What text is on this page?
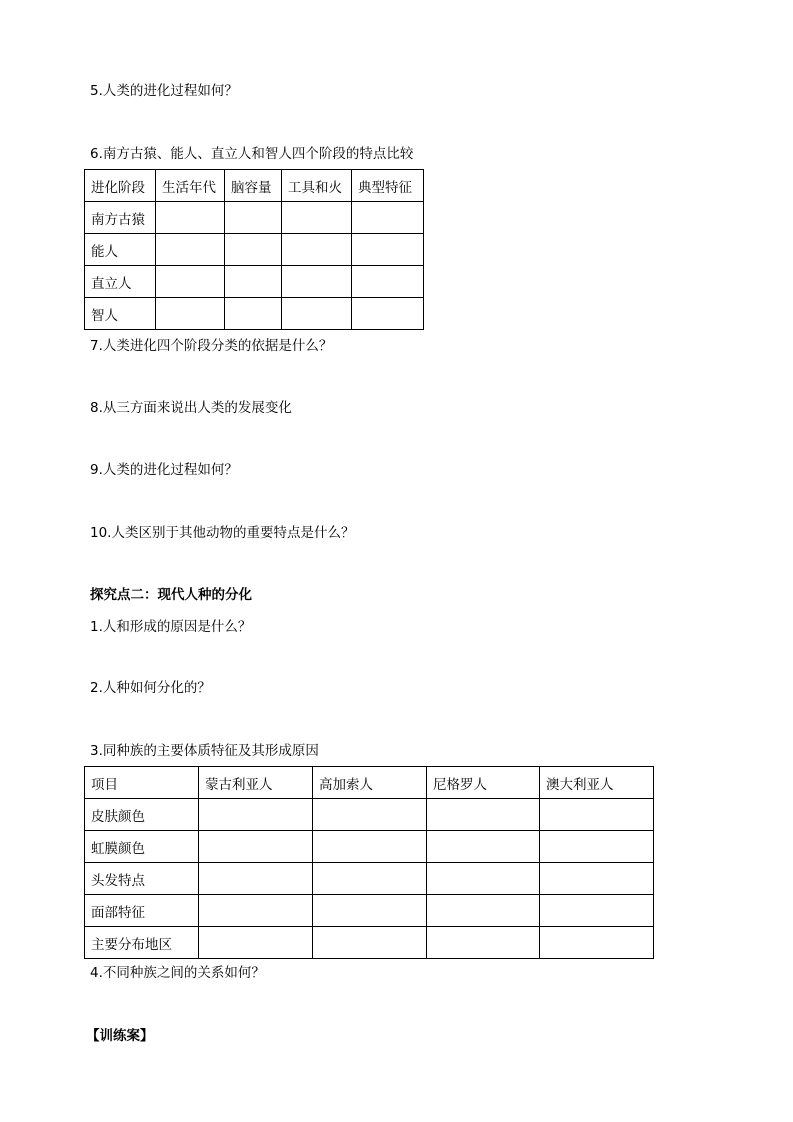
5.人类的进化过程如何？
6.南方古猿、能人、直立人和智人四个阶段的特点比较
进化阶段	生活年代	脑容量	工具和火	典型特征
南方古猿				
能人				
直立人				
智人				
7.人类进化四个阶段分类的依据是什么？
8.从三方面来说出人类的发展变化
9.人类的进化过程如何？
10.人类区别于其他动物的重要特点是什么？
探究点二：现代人种的分化
1.人和形成的原因是什么？
2.人种如何分化的？
3.同种族的主要体质特征及其形成原因
项目	蒙古利亚人	高加索人	尼格罗人	澳大利亚人
皮肤颜色				
虹膜颜色				
头发特点				
面部特征				
主要分布地区				
4.不同种族之间的关系如何？
【训练案】
